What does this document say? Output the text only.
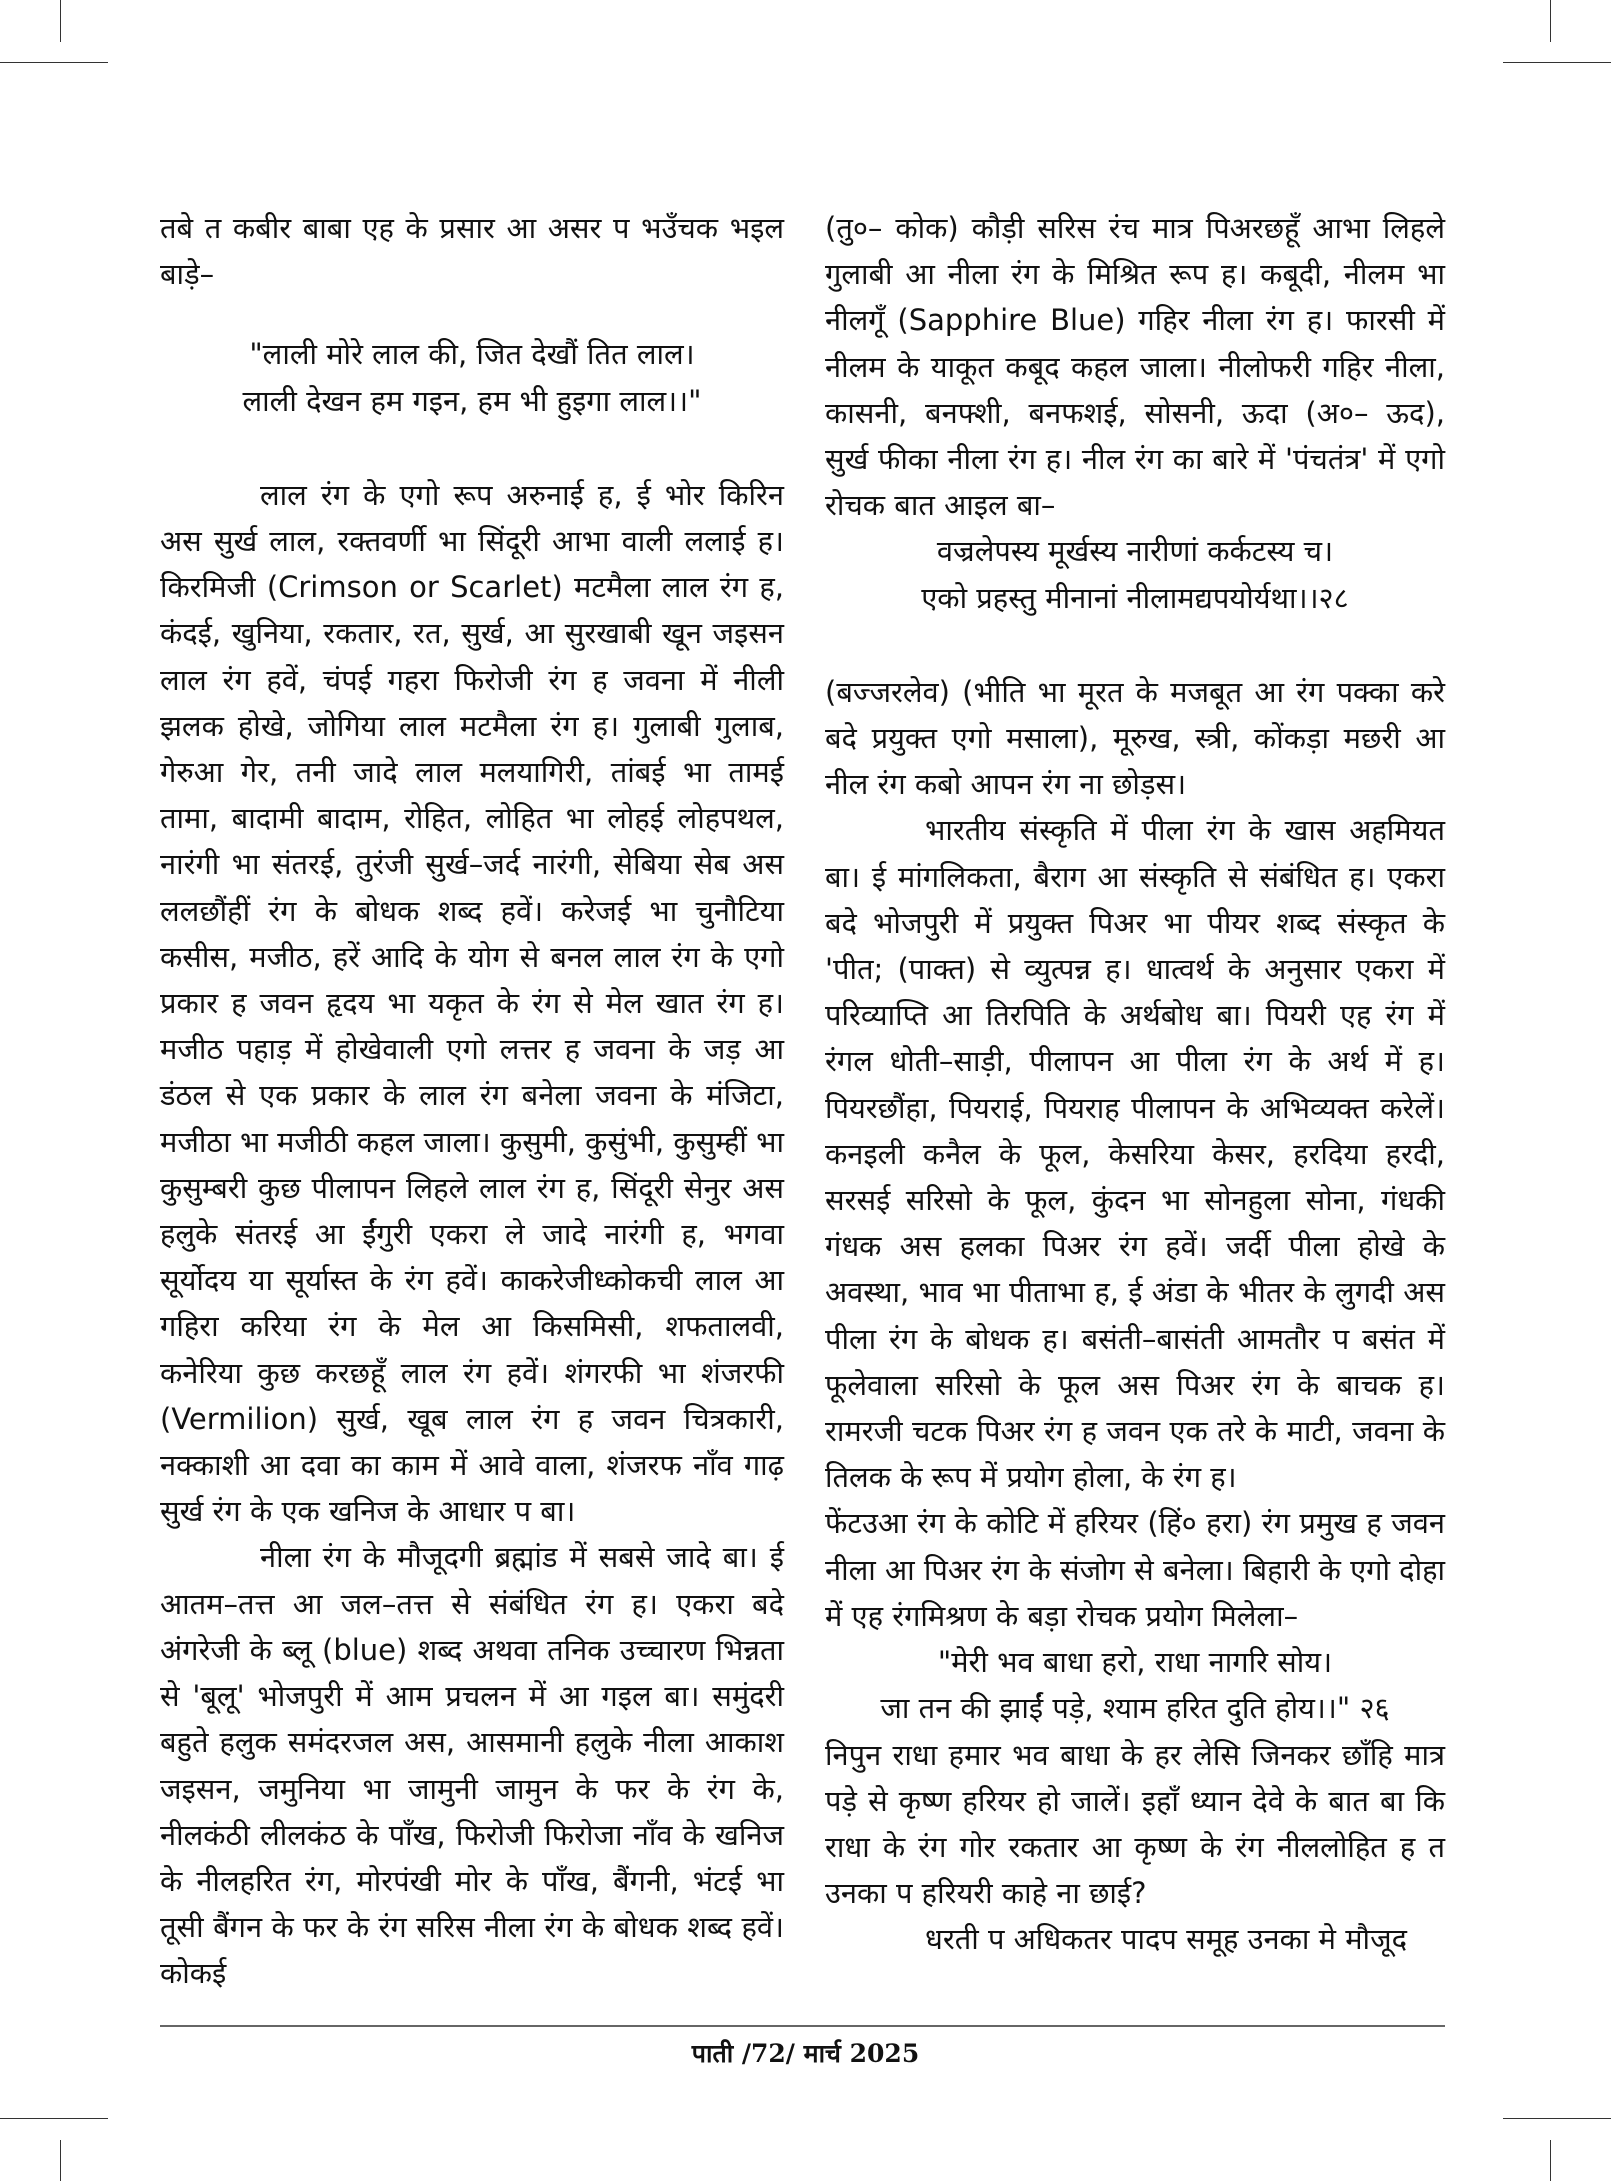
तबे त कबीर बाबा एह के प्रसार आ असर प भउँचक भइल बाड़े–

"लाली मोरे लाल की, जित देखौं तित लाल।

लाली देखन हम गइन, हम भी हुइगा लाल।।"

लाल रंग के एगो रूप अरुनाई ह, ई भोर किरिन अस सुर्ख लाल, रक्तवर्णी भा सिंदूरी आभा वाली ललाई ह। किरमिजी (Crimson or Scarlet) मटमैला लाल रंग ह, कंदई, खुनिया, रकतार, रत, सुर्ख, आ सुरखाबी खून जइसन लाल रंग हवें, चंपई गहरा फिरोजी रंग ह जवना में नीली झलक होखे, जोगिया लाल मटमैला रंग ह। गुलाबी गुलाब, गेरुआ गेर, तनी जादे लाल मलयागिरी, तांबई भा तामई तामा, बादामी बादाम, रोहित, लोहित भा लोहई लोहपथल, नारंगी भा संतरई, तुरंजी सुर्ख–जर्द नारंगी, सेबिया सेब अस ललछौंहीं रंग के बोधक शब्द हवें। करेजई भा चुनौटिया कसीस, मजीठ, हरें आदि के योग से बनल लाल रंग के एगो प्रकार ह जवन हृदय भा यकृत के रंग से मेल खात रंग ह। मजीठ पहाड़ में होखेवाली एगो लत्तर ह जवना के जड़ आ डंठल से एक प्रकार के लाल रंग बनेला जवना के मंजिटा, मजीठा भा मजीठी कहल जाला। कुसुमी, कुसुंभी, कुसुम्हीं भा कुसुम्बरी कुछ पीलापन लिहले लाल रंग ह, सिंदूरी सेनुर अस हलुके संतरई आ ईंगुरी एकरा ले जादे नारंगी ह, भगवा सूर्योदय या सूर्यास्त के रंग हवें। काकरेजीध्कोकची लाल आ गहिरा करिया रंग के मेल आ किसमिसी, शफतालवी, कनेरिया कुछ करछहूँ लाल रंग हवें। शंगरफी भा शंजरफी (Vermilion) सुर्ख, खूब लाल रंग ह जवन चित्रकारी, नक्काशी आ दवा का काम में आवे वाला, शंजरफ नाँव गाढ़ सुर्ख रंग के एक खनिज के आधार प बा।

नीला रंग के मौजूदगी ब्रह्मांड में सबसे जादे बा। ई आतम–तत्त आ जल–तत्त से संबंधित रंग ह। एकरा बदे अंगरेजी के ब्लू (blue) शब्द अथवा तनिक उच्चारण भिन्नता से 'बूलू' भोजपुरी में आम प्रचलन में आ गइल बा। समुंदरी बहुते हलुक समंदरजल अस, आसमानी हलुके नीला आकाश जइसन, जमुनिया भा जामुनी जामुन के फर के रंग के, नीलकंठी लीलकंठ के पाँख, फिरोजी फिरोजा नाँव के खनिज के नीलहरित रंग, मोरपंखी मोर के पाँख, बैंगनी, भंटई भा तूसी बैंगन के फर के रंग सरिस नीला रंग के बोधक शब्द हवें। कोकई

(तु०– कोक) कौड़ी सरिस रंच मात्र पिअरछहूँ आभा लिहले गुलाबी आ नीला रंग के मिश्रित रूप ह। कबूदी, नीलम भा नीलगूँ (Sapphire Blue) गहिर नीला रंग ह। फारसी में नीलम के याकूत कबूद कहल जाला। नीलोफरी गहिर नीला, कासनी, बनफ्शी, बनफशई, सोसनी, ऊदा (अ०– ऊद), सुर्ख फीका नीला रंग ह। नील रंग का बारे में 'पंचतंत्र' में एगो रोचक बात आइल बा–

वज्रलेपस्य मूर्खस्य नारीणां कर्कटस्य च।

एको प्रहस्तु मीनानां नीलामद्यपयोर्यथा।।२८

(बज्जरलेव) (भीति भा मूरत के मजबूत आ रंग पक्का करे बदे प्रयुक्त एगो मसाला), मूरुख, स्त्री, कोंकड़ा मछरी आ नील रंग कबो आपन रंग ना छोड़स।

भारतीय संस्कृति में पीला रंग के खास अहमियत बा। ई मांगलिकता, बैराग आ संस्कृति से संबंधित ह। एकरा बदे भोजपुरी में प्रयुक्त पिअर भा पीयर शब्द संस्कृत के 'पीत; (पाक्त) से व्युत्पन्न ह। धात्वर्थ के अनुसार एकरा में परिव्याप्ति आ तिरपिति के अर्थबोध बा। पियरी एह रंग में रंगल धोती–साड़ी, पीलापन आ पीला रंग के अर्थ में ह। पियरछौंहा, पियराई, पियराह पीलापन के अभिव्यक्त करेलें। कनइली कनैल के फूल, केसरिया केसर, हरदिया हरदी, सरसई सरिसो के फूल, कुंदन भा सोनहुला सोना, गंधकी गंधक अस हलका पिअर रंग हवें। जर्दी पीला होखे के अवस्था, भाव भा पीताभा ह, ई अंडा के भीतर के लुगदी अस पीला रंग के बोधक ह। बसंती–बासंती आमतौर प बसंत में फूलेवाला सरिसो के फूल अस पिअर रंग के बाचक ह। रामरजी चटक पिअर रंग ह जवन एक तरे के माटी, जवना के तिलक के रूप में प्रयोग होला, के रंग ह।

फेंटउआ रंग के कोटि में हरियर (हिं० हरा) रंग प्रमुख ह जवन नीला आ पिअर रंग के संजोग से बनेला। बिहारी के एगो दोहा में एह रंगमिश्रण के बड़ा रोचक प्रयोग मिलेला–

"मेरी भव बाधा हरो, राधा नागरि सोय।

जा तन की झाईं पड़े, श्याम हरित दुति होय।।" २६

निपुन राधा हमार भव बाधा के हर लेसि जिनकर छाँहि मात्र पड़े से कृष्ण हरियर हो जालें। इहाँ ध्यान देवे के बात बा कि राधा के रंग गोर रकतार आ कृष्ण के रंग नीललोहित ह त उनका प हरियरी काहे ना छाई?

धरती प अधिकतर पादप समूह उनका मे मौजूद

पाती /72/ मार्च 2025
